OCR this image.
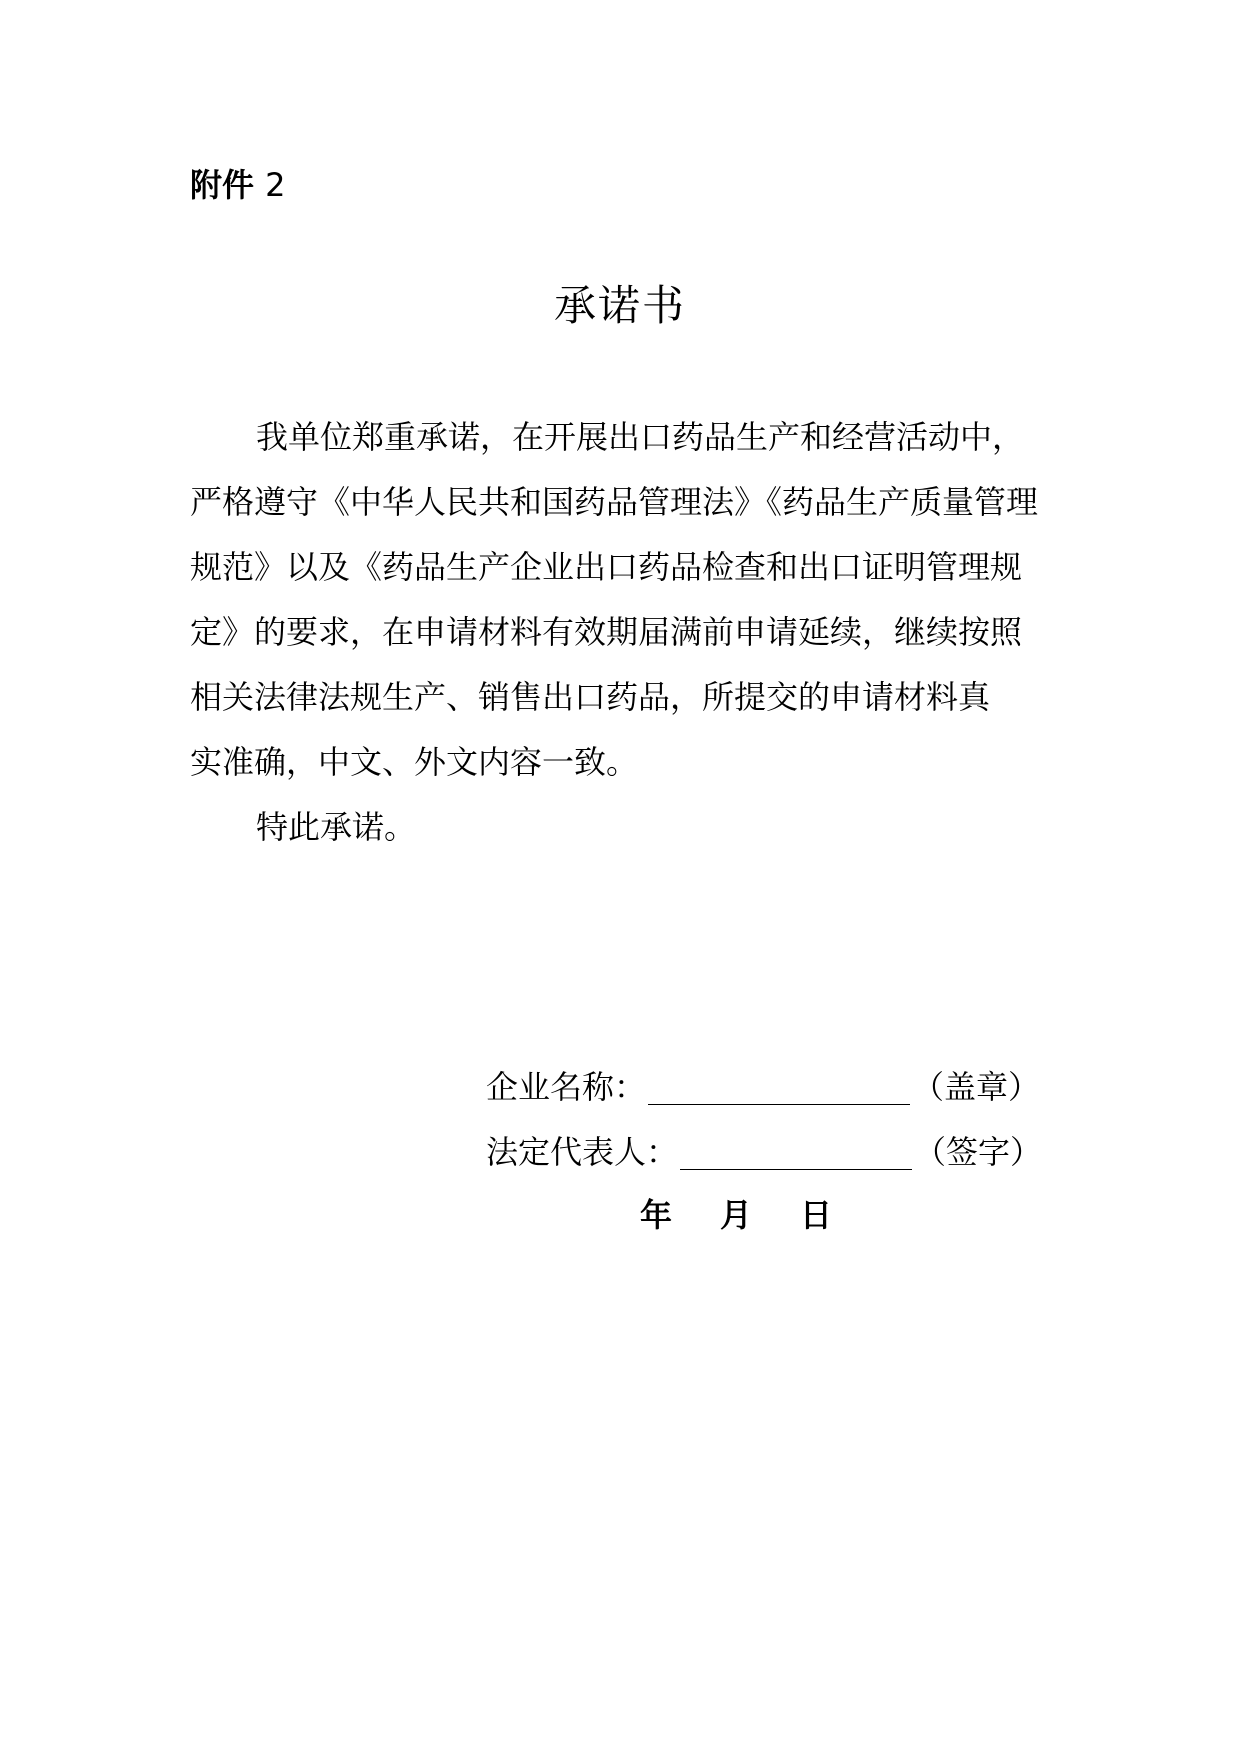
附件 2

承诺书

我单位郑重承诺，在开展出口药品生产和经营活动中，
严格遵守《中华人民共和国药品管理法》《药品生产质量管理
规范》以及《药品生产企业出口药品检查和出口证明管理规
定》的要求，在申请材料有效期届满前申请延续，继续按照
相关法律法规生产、销售出口药品，所提交的申请材料真
实准确，中文、外文内容一致。

特此承诺。

企业名称：	（盖章）
法定代表人：	（签字）
年 月 日
